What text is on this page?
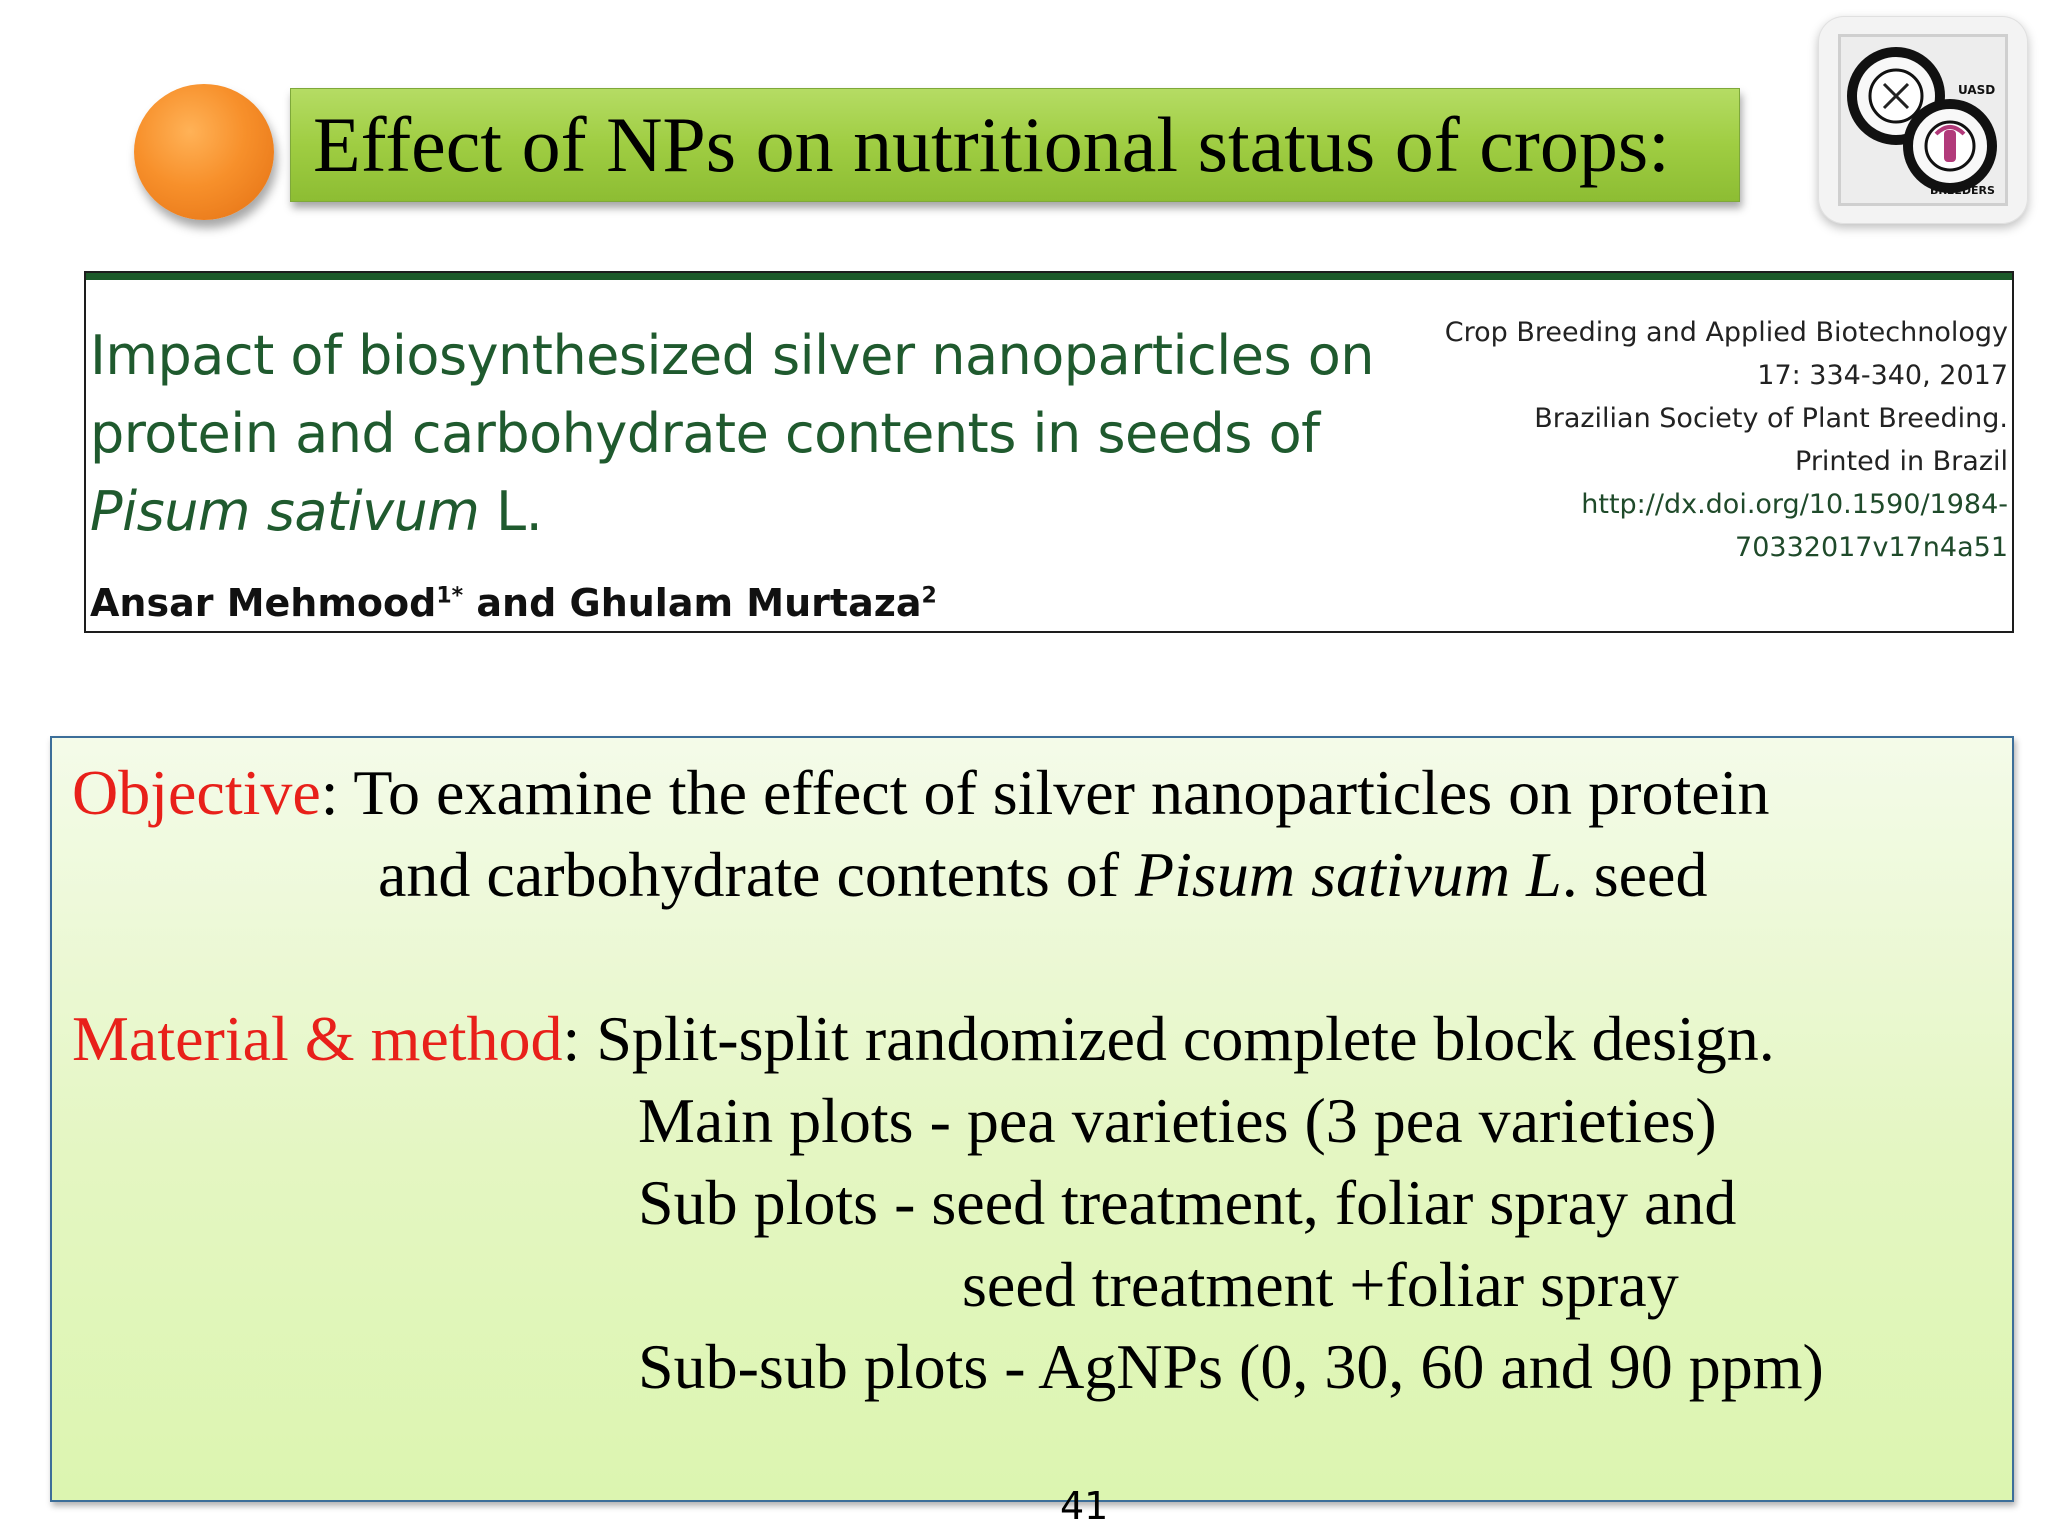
Effect of NPs on nutritional status of crops:
BREEDERS
UASD
Impact of biosynthesized silver nanoparticles on
protein and carbohydrate contents in seeds of
Pisum sativum L.
Ansar Mehmood$^{1*}$ and Ghulam Murtaza$^2$
Crop Breeding and Applied Biotechnology
17: 334-340, 2017
Brazilian Society of Plant Breeding.
Printed in Brazil
http://dx.doi.org/10.1590/1984-
70332017v17n4a51
Objective: To examine the effect of silver nanoparticles on protein
and carbohydrate contents of Pisum sativum L. seed

Material & method: Split-split randomized complete block design.
Main plots - pea varieties (3 pea varieties)
Sub plots - seed treatment, foliar spray and
seed treatment +foliar spray
Sub-sub plots - AgNPs (0, 30, 60 and 90 ppm)
41
